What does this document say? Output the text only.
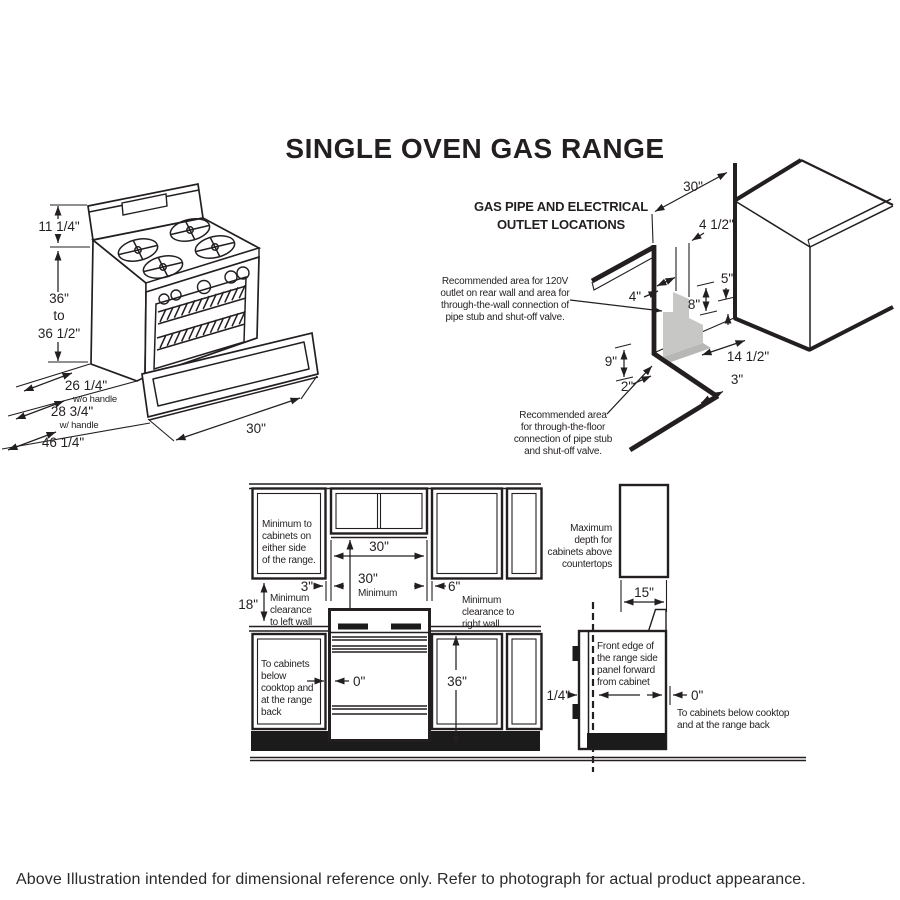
SINGLE OVEN GAS RANGE
11 1/4"
36"
to
36 1/2"
26 1/4"
w/o handle
28 3/4"
w/ handle
46 1/4"
30"
GAS PIPE AND ELECTRICAL
OUTLET LOCATIONS
30"
4 1/2"
4"
8"
5"
9"
2"
14 1/2"
3"
Recommended area for 120V
outlet on rear wall and area for
through-the-wall connection of
pipe stub and shut-off valve.
Recommended area
for through-the-floor
connection of pipe stub
and shut-off valve.
30"
30"
Minimum
3"	6"
Minimum
clearance to
right wall
18" Minimum
clearance
to left wall
Minimum to
cabinets on
either side
of the range.
To cabinets
below
cooktop and
at the range
back
0"	36"
Maximum
depth for
cabinets above
countertops
15"
Front edge of
the range side
panel forward
from cabinet
1/4"	0"
To cabinets below cooktop
and at the range back
Above Illustration intended for dimensional reference only. Refer to photograph for actual product appearance.
